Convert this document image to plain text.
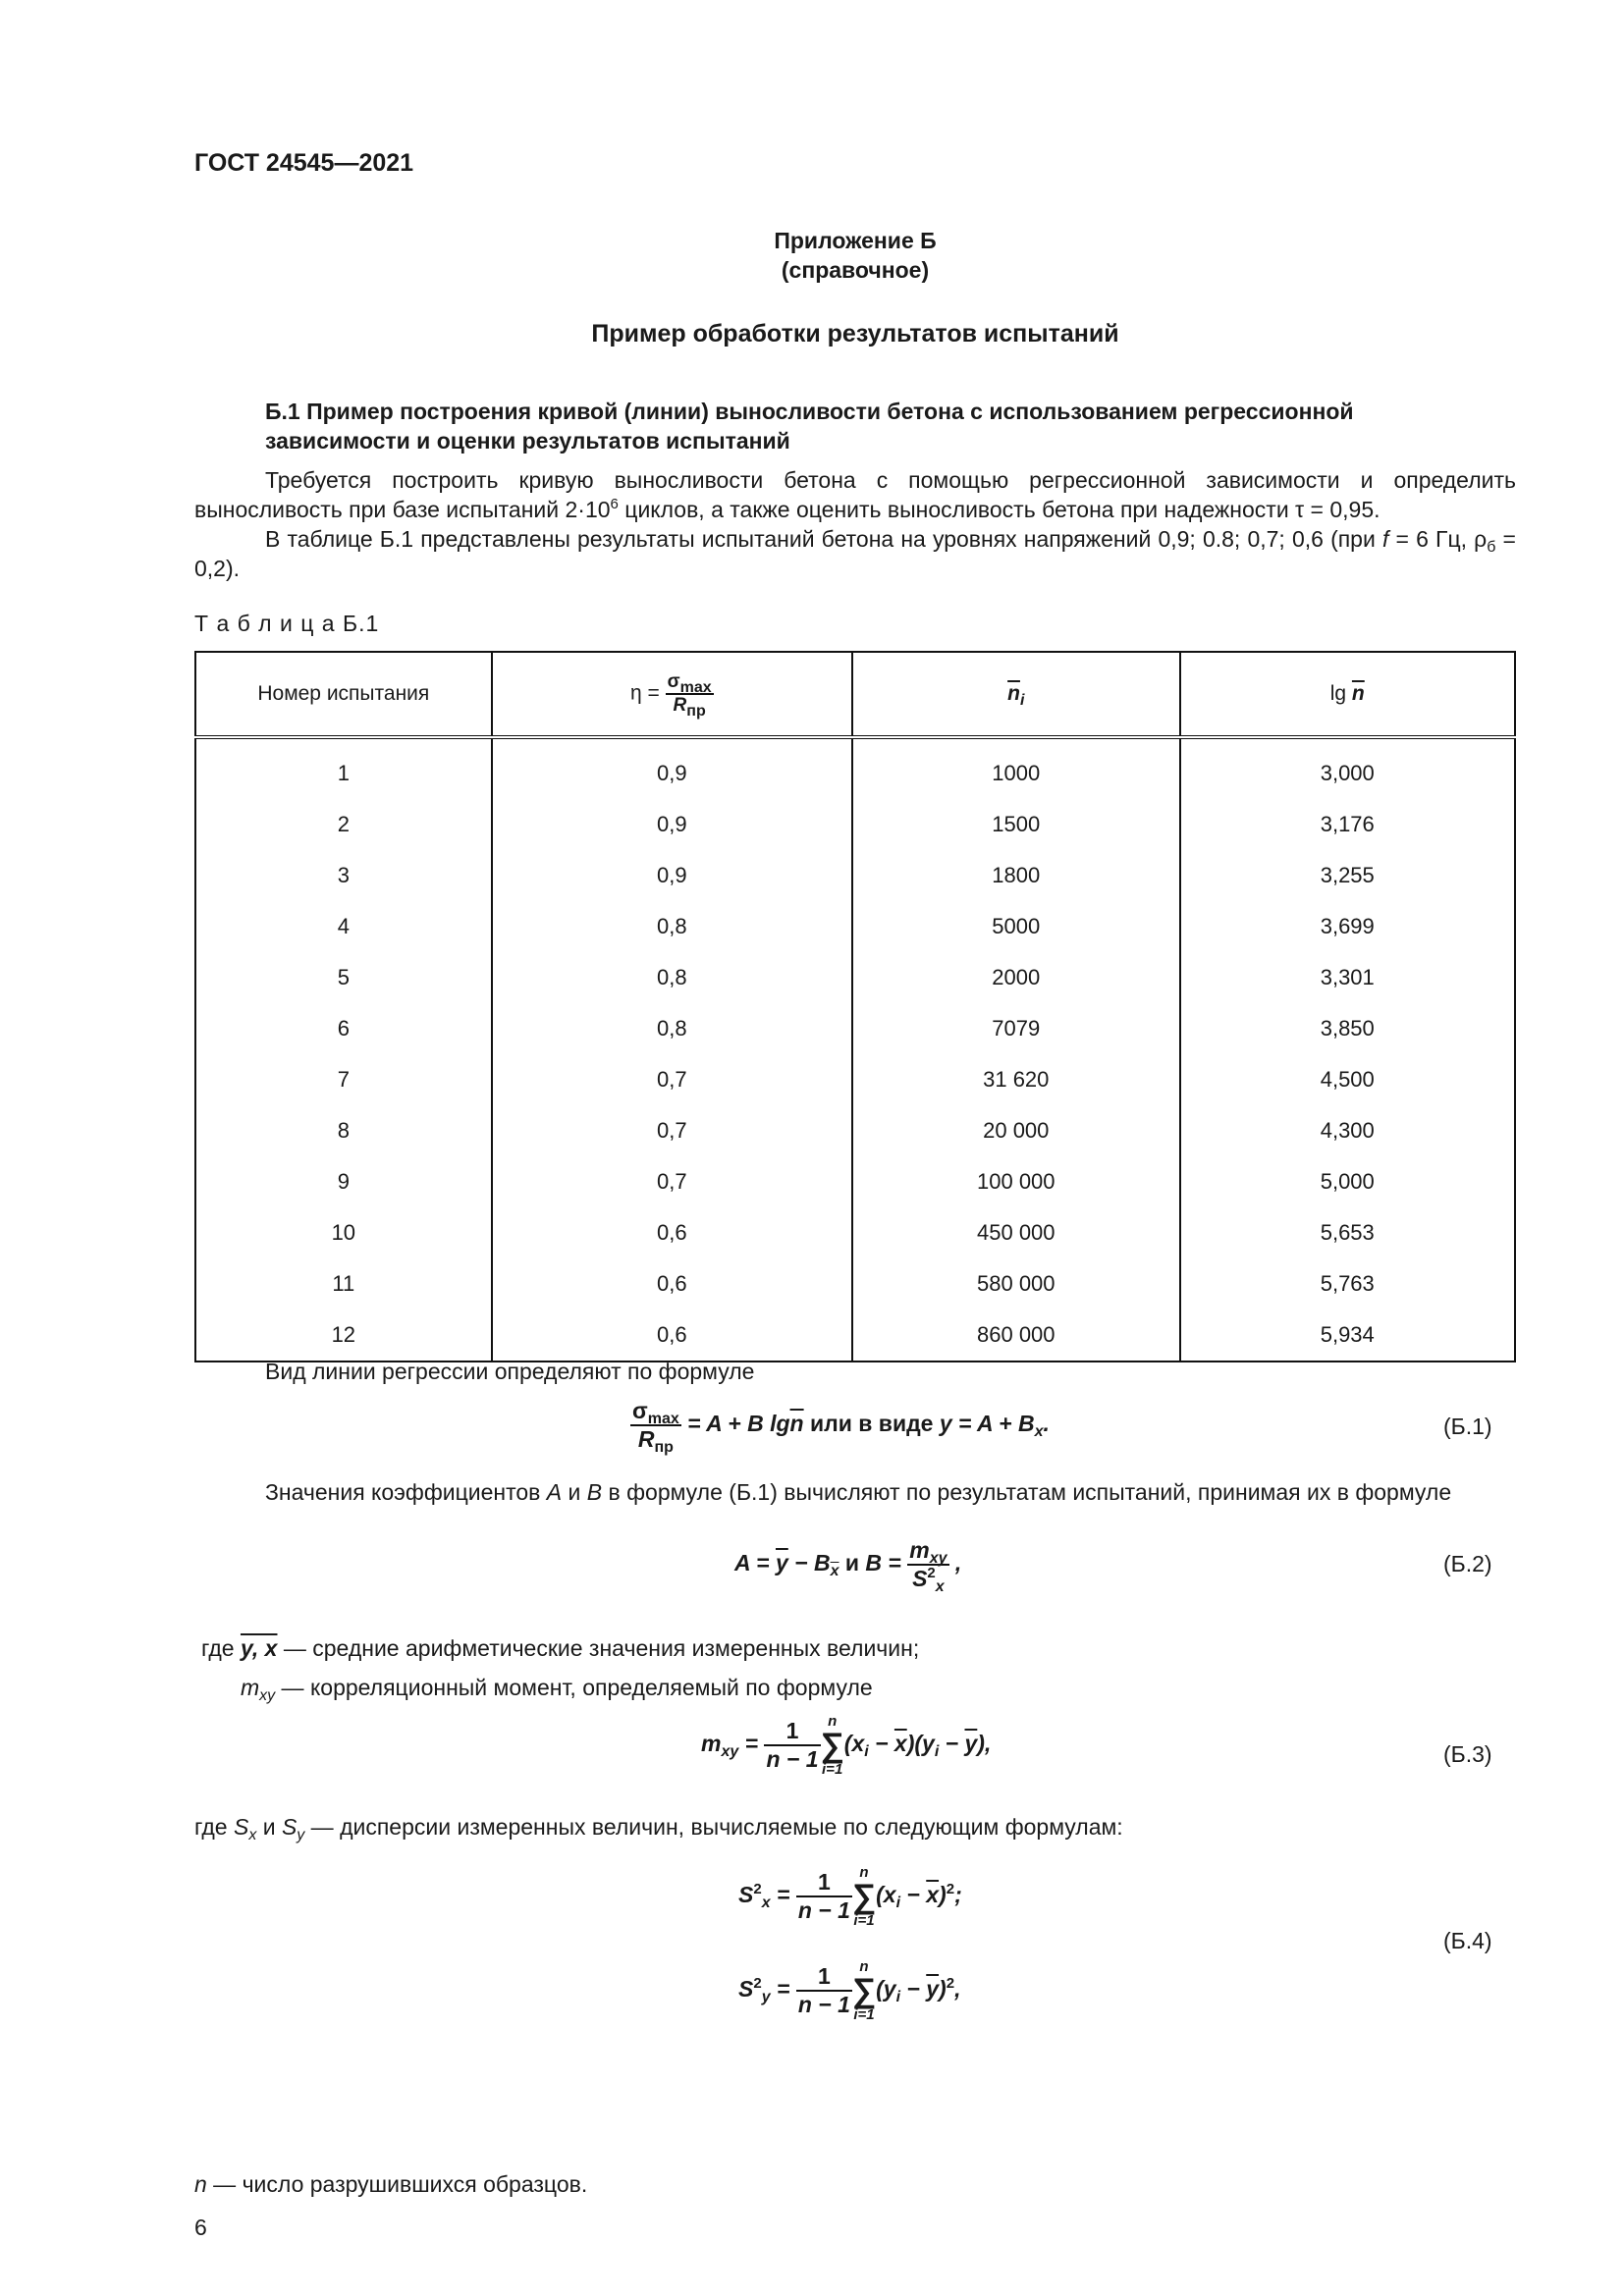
ГОСТ 24545—2021
Приложение Б
(справочное)
Пример обработки результатов испытаний
Б.1 Пример построения кривой (линии) выносливости бетона с использованием регрессионной
зависимости и оценки результатов испытаний
Требуется построить кривую выносливости бетона с помощью регрессионной зависимости и определить выносливость при базе испытаний $2\cdot 10^6$ циклов, а также оценить выносливость бетона при надежности τ = 0,95.
В таблице Б.1 представлены результаты испытаний бетона на уровнях напряжений 0,9; 0.8; 0,7; 0,6 (при f = 6 Гц, $\rho_б = 0,2$).
Т а б л и ц а Б.1
Номер испытания	$\eta = \frac{\sigma_{max}}{R_{пр}}$	$\overline{n}_i$	$\lg \overline{n}$
1	0,9	1000	3,000
2	0,9	1500	3,176
3	0,9	1800	3,255
4	0,8	5000	3,699
5	0,8	2000	3,301
6	0,8	7079	3,850
7	0,7	31 620	4,500
8	0,7	20 000	4,300
9	0,7	100 000	5,000
10	0,6	450 000	5,653
11	0,6	580 000	5,763
12	0,6	860 000	5,934
Вид линии регрессии определяют по формуле
$\frac{\sigma_{max}}{R_{пр}} = A + B$ $\lg\overline{n}$ или в виде $y = A + B_x$.	(Б.1)
Значения коэффициентов A и B в формуле (Б.1) вычисляют по результатам испытаний, принимая их в формуле
$A = \overline{y} - B_{\overline{x}}$ и $B = \frac{m_{xy}}{S^2_x}$ ,	(Б.2)
где y, x — средние арифметические значения измеренных величин;
$m_{xy}$ — корреляционный момент, определяемый по формуле
$m_{xy} = \frac{1}{n - 1}$ n
∑
i=1
$(x_i - \overline{x})(y_i - \overline{y})$,	(Б.3)
где $S_x$ и $S_y$ — дисперсии измеренных величин, вычисляемые по следующим формулам:
$S^2_x = \frac{1}{n - 1}$ n
∑
i=1
$(x_i - \overline{x})^2$;
$S^2_y = \frac{1}{n - 1}$ n
∑
i=1
$(y_i - \overline{y})^2$,
(Б.4)
n — число разрушившихся образцов.
6
